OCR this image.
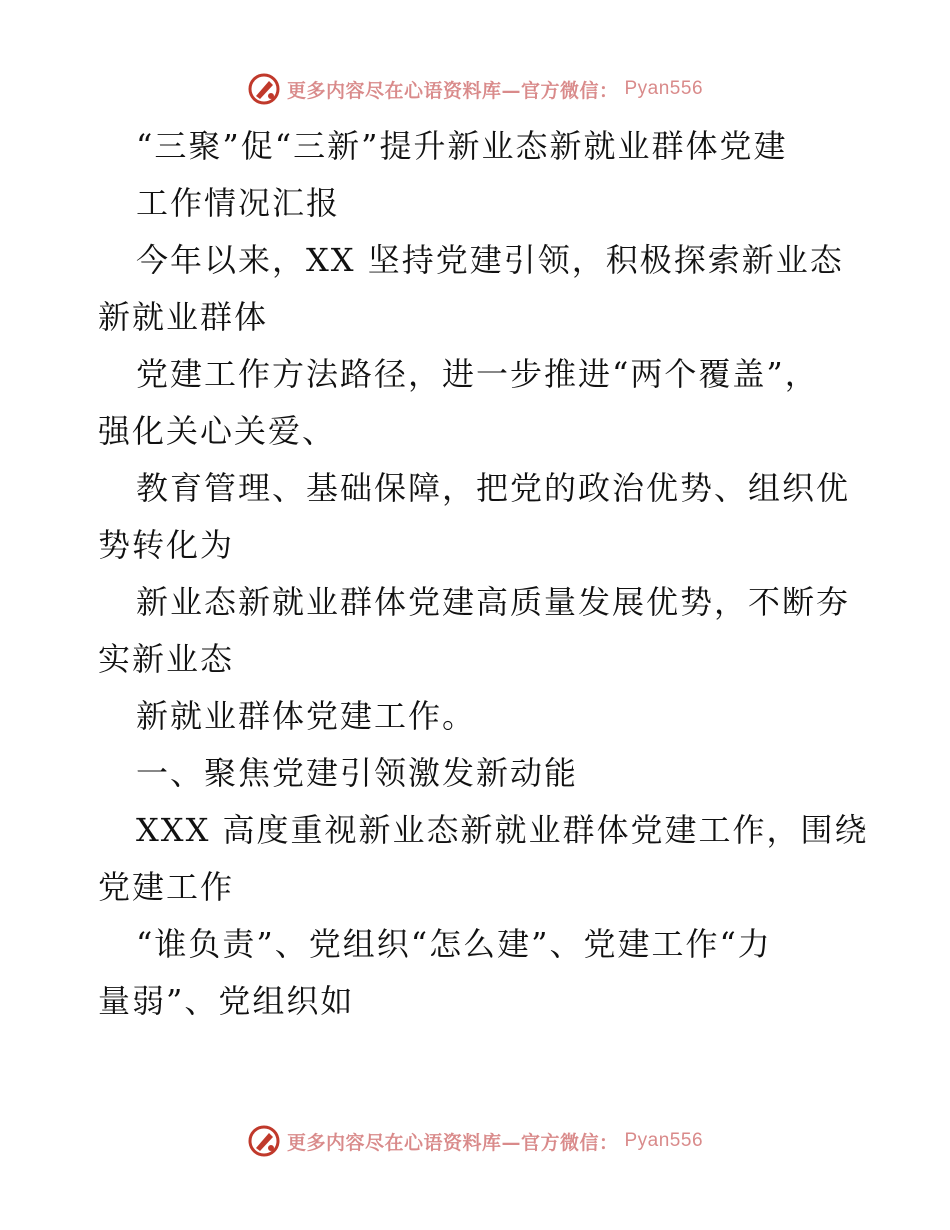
更多内容尽在心语资料库—官方微信： Pyan556
“三聚”促“三新”提升新业态新就业群体党建
工作情况汇报
今年以来，XX 坚持党建引领，积极探索新业态
新就业群体
党建工作方法路径，进一步推进“两个覆盖”，
强化关心关爱、
教育管理、基础保障，把党的政治优势、组织优
势转化为
新业态新就业群体党建高质量发展优势，不断夯
实新业态
新就业群体党建工作。
一、聚焦党建引领激发新动能
XXX 高度重视新业态新就业群体党建工作，围绕
党建工作
“谁负责”、党组织“怎么建”、党建工作“力
量弱”、党组织如
更多内容尽在心语资料库—官方微信： Pyan556
